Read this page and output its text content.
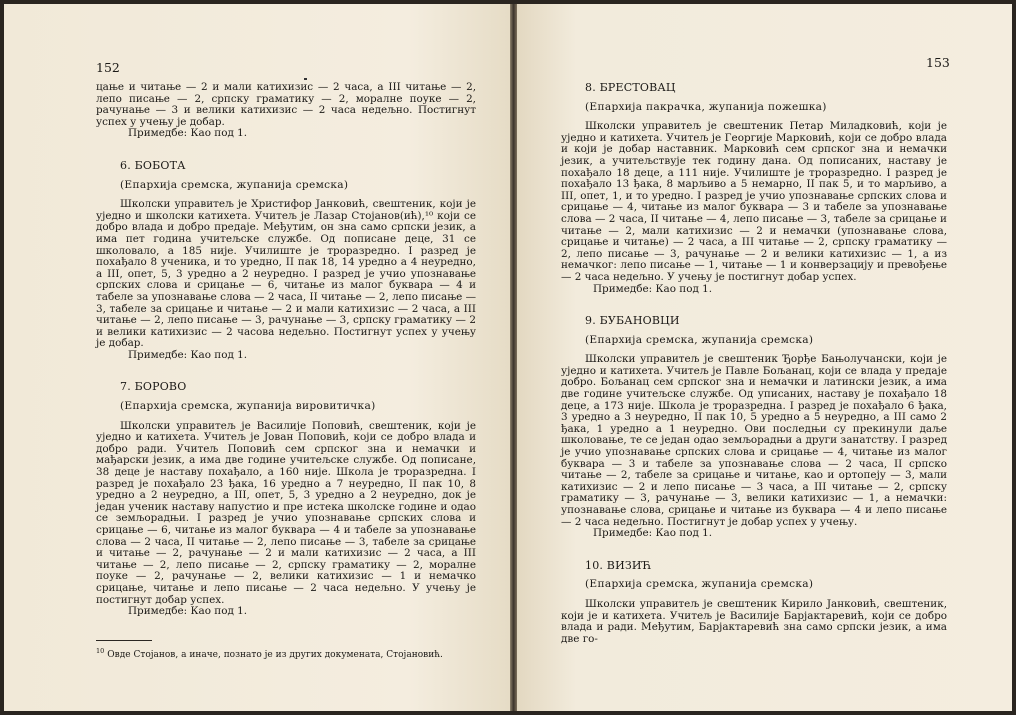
152

цање и читање — 2 и мали катихизис — 2 часа, а III читање — 2, лепо писање — 2, српску граматику — 2, моралне поуке — 2, рачунање — 3 и велики катихизис — 2 часа недељно. Постигнут успех у учењу је добар.

Примедбе: Као под 1.

6. БОБОТА

(Епархија сремска, жупанија сремска)

Школски управитељ је Христифор Јанковић, свештеник, који је уједно и школски катихета. Учитељ је Лазар Стојанов(ић),¹⁰ који се добро влада и добро предаје. Међутим, он зна само српски језик, а има пет година учитељске службе. Од пописане деце, 31 се школовало, а 185 није. Училиште је троразредно. I разред је похађало 8 ученика, и то уредно, II пак 18, 14 уредно а 4 неуредно, а III, опет, 5, 3 уредно а 2 неуредно. I разред је учио упознавање српских слова и срицање — 6, читање из малог буквара — 4 и табеле за упознавање слова — 2 часа, II читање — 2, лепо писање — 3, табеле за срицање и читање — 2 и мали катихизис — 2 часа, а III читање — 2, лепо писање — 3, рачунање — 3, српску граматику — 2 и велики катихизис — 2 часова недељно. Постигнут успех у учењу је добар.

Примедбе: Као под 1.

7. БОРОВО

(Епархија сремска, жупанија вировитичка)

Школски управитељ је Василије Поповић, свештеник, који је уједно и катихета. Учитељ је Јован Поповић, који се добро влада и добро ради. Учитељ Поповић сем српског зна и немачки и мађарски језик, а има две године учитељске службе. Од пописане, 38 деце је наставу похађало, а 160 није. Школа је троразредна. I разред је похађало 23 ђака, 16 уредно а 7 неуредно, II пак 10, 8 уредно а 2 неуредно, а III, опет, 5, 3 уредно а 2 неуредно, док је један ученик наставу напустио и пре истека школске године и одао се земљорадњи. I разред је учио упознавање српских слова и срицање — 6, читање из малог буквара — 4 и табеле за упознавање слова — 2 часа, II читање — 2, лепо писање — 3, табеле за срицање и читање — 2, рачунање — 2 и мали катихизис — 2 часа, а III читање — 2, лепо писање — 2, српску граматику — 2, моралне поуке — 2, рачунање — 2, велики катихизис — 1 и немачко срицање, читање и лепо писање — 2 часа недељно. У учењу је постигнут добар успех.

Примедбе: Као под 1.

$^{10}$ Овде Стојанов, а иначе, познато је из других докумената, Стојановић.
153

8. БРЕСТОВАЦ

(Епархија пакрачка, жупанија пожешка)

Школски управитељ је свештеник Петар Миладковић, који је уједно и катихета. Учитељ је Георгије Марковић, који се добро влада и који је добар наставник. Марковић сем српског зна и немачки језик, а учитељствује тек годину дана. Од пописаних, наставу је похађало 18 деце, а 111 није. Училиште је троразредно. I разред је похађало 13 ђака, 8 марљиво а 5 немарно, II пак 5, и то марљиво, а III, опет, 1, и то уредно. I разред је учио упознавање српских слова и срицање — 4, читање из малог буквара — 3 и табеле за упознавање слова — 2 часа, II читање — 4, лепо писање — 3, табеле за срицање и читање — 2, мали катихизис — 2 и немачки (упознавање слова, срицање и читање) — 2 часа, а III читање — 2, српску граматику — 2, лепо писање — 3, рачунање — 2 и велики катихизис — 1, а из немачког: лепо писање — 1, читање — 1 и конверзацију и превођење — 2 часа недељно. У учењу је постигнут добар успех.

Примедбе: Као под 1.

9. БУБАНОВЦИ

(Епархија сремска, жупанија сремска)

Школски управитељ је свештеник Ђорђе Бањолучански, који је уједно и катихета. Учитељ је Павле Бољанац, који се влада у предаје добро. Бољанац сем српског зна и немачки и латински језик, а има две године учитељске службе. Од уписаних, наставу је похађало 18 деце, а 173 није. Школа је троразредна. I разред је похађало 6 ђака, 3 уредно а 3 неуредно, II пак 10, 5 уредно а 5 неуредно, а III само 2 ђака, 1 уредно а 1 неуредно. Ови последњи су прекинули даље школовање, те се један одао земљорадњи а други занатству. I разред је учио упознавање српских слова и срицање — 4, читање из малог буквара — 3 и табеле за упознавање слова — 2 часа, II српско читање — 2, табеле за срицање и читање, као и ортопеју — 3, мали катихизис — 2 и лепо писање — 3 часа, а III читање — 2, српску граматику — 3, рачунање — 3, велики катихизис — 1, а немачки: упознавање слова, срицање и читање из буквара — 4 и лепо писање — 2 часа недељно. Постигнут је добар успех у учењу.

Примедбе: Као под 1.

10. ВИЗИЋ

(Епархија сремска, жупанија сремска)

Школски управитељ је свештеник Кирило Јанковић, свештеник, који је и катихета. Учитељ је Василије Барјактаревић, који се добро влада и ради. Међутим, Барјактаревић зна само српски језик, а има две го-
